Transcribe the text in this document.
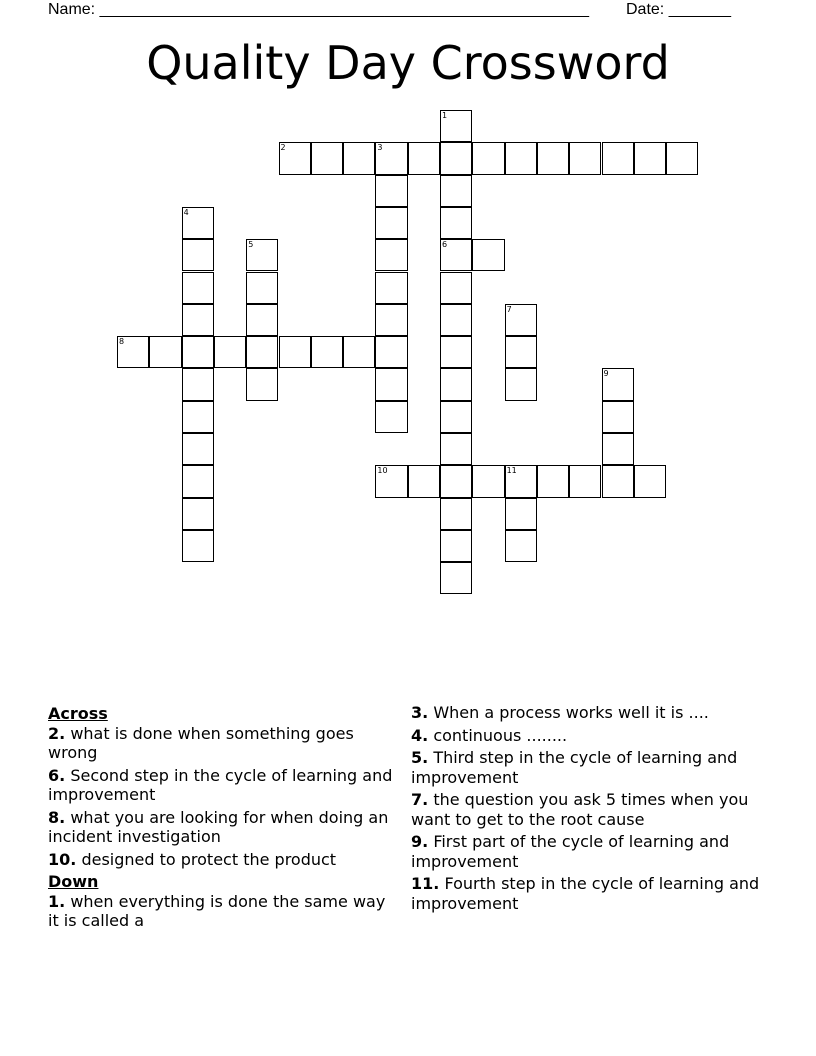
Name: _______________________________________________________ Date: _______
Quality Day Crossword
1
6
2	3
4
5
7
8
9
10	11
Across
2. what is done when something goes wrong
6. Second step in the cycle of learning and improvement
8. what you are looking for when doing an incident investigation
10. designed to protect the product
Down
1. when everything is done the same way it is called a
3. When a process works well it is ....
4. continuous ........
5. Third step in the cycle of learning and improvement
7. the question you ask 5 times when you want to get to the root cause
9. First part of the cycle of learning and improvement
11. Fourth step in the cycle of learning and improvement
